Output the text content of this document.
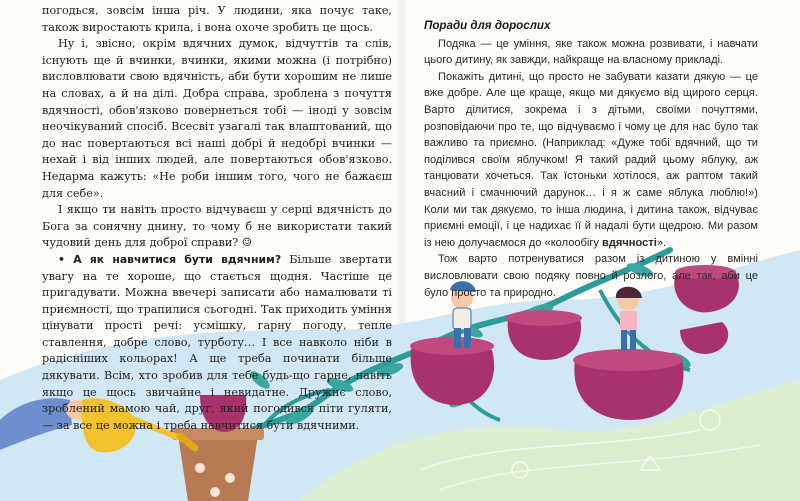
погодься, зовсім інша річ. У людини, яка почує таке, також виростають крила, і вона охоче зробить це щось.

Ну і, звісно, окрім вдячних думок, відчуттів та слів, існують ще й вчинки, вчинки, якими можна (і потрібно) висловлювати свою вдячність, аби бути хорошим не лише на словах, а й на ділі. Добра справа, зроблена з почуття вдячності, обов'язково повернеться тобі — іноді у зовсім неочікуваний спосіб. Всесвіт узагалі так влаштований, що до нас повертаються всі наші добрі й недобрі вчинки — нехай і від інших людей, але повертаються обов'язково. Недарма кажуть: «Не роби іншим того, чого не бажаєш для себе».

І якщо ти навіть просто відчуваєш у серці вдячність до Бога за сонячну днину, то чому б не використати такий чудовий день для доброї справи? ☺

• А як навчитися бути вдячним? Більше звертати увагу на те хороше, що стається щодня. Частіше це пригадувати. Можна ввечері записати або намалювати ті приємності, що трапилися сьогодні. Так приходить уміння цінувати прості речі: усмішку, гарну погоду, тепле ставлення, добре слово, турботу… І все навколо ніби в радісніших кольорах! А ще треба починати більше дякувати. Всім, хто зробив для тебе будь-що гарне, навіть якщо це щось звичайне і невидатне. Дружнє слово, зроблений мамою чай, друг, який погодився піти гуляти, — за все це можна і треба навчитися бути вдячними.

Поради для дорослих

Подяка — це уміння, яке також можна розвивати, і навчати цього дитину, як завжди, найкраще на власному прикладі.

Покажіть дитині, що просто не забувати казати дякую — це вже добре. Але ще краще, якщо ми дякуємо від щирого серця. Варто ділитися, зокрема і з дітьми, своїми почуттями, розповідаючи про те, що відчуваємо і чому це для нас було так важливо та приємно. (Наприклад: «Дуже тобі вдячний, що ти поділився своїм яблучком! Я такий радий цьому яблуку, аж танцювати хочеться. Так їстоньки хотілося, аж раптом такий вчасний і смачнючий дарунок… і я ж саме яблука люблю!») Коли ми так дякуємо, то інша людина, і дитина також, відчуває приємні емоції, і це надихає її й надалі бути щедрою. Ми разом із нею долучаємося до «колообігу вдячності».

Тож варто потренуватися разом із дитиною у вмінні висловлювати свою подяку повно й розлого, але так, аби це було просто та природно.
